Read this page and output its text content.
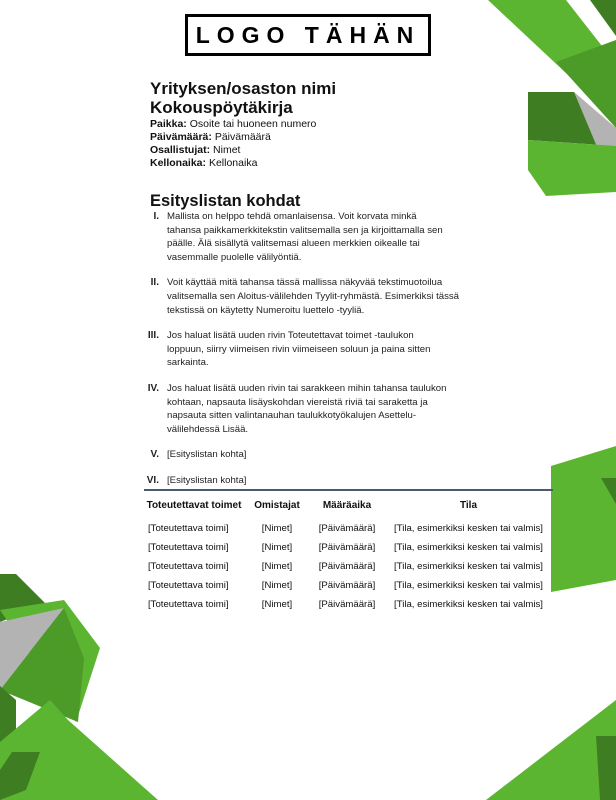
LOGO TÄHÄN

Yrityksen/osaston nimi

Kokouspöytäkirja

Paikka: Osoite tai huoneen numero
Päivämäärä: Päivämäärä
Osallistujat: Nimet
Kellonaika: Kellonaika

Esityslistan kohdat

I. Mallista on helppo tehdä omanlaisensa. Voit korvata minkä
tahansa paikkamerkkitekstin valitsemalla sen ja kirjoittamalla sen
päälle. Älä sisällytä valitsemasi alueen merkkien oikealle tai
vasemmalle puolelle välilyöntiä.
II. Voit käyttää mitä tahansa tässä mallissa näkyvää tekstimuotoilua
valitsemalla sen Aloitus-välilehden Tyylit-ryhmästä. Esimerkiksi tässä
tekstissä on käytetty Numeroitu luettelo -tyyliä.
III. Jos haluat lisätä uuden rivin Toteutettavat toimet -taulukon
loppuun, siirry viimeisen rivin viimeiseen soluun ja paina sitten
sarkainta.
IV. Jos haluat lisätä uuden rivin tai sarakkeen mihin tahansa taulukon
kohtaan, napsauta lisäyskohdan viereistä riviä tai saraketta ja
napsauta sitten valintanauhan taulukkotyökalujen Asettelu-
välilehdessä Lisää.
V. [Esityslistan kohta]
VI. [Esityslistan kohta]
Toteutettavat toimet	Omistajat	Määräaika	Tila
[Toteutettava toimi]	[Nimet]	[Päivämäärä]	[Tila, esimerkiksi kesken tai valmis]
[Toteutettava toimi]	[Nimet]	[Päivämäärä]	[Tila, esimerkiksi kesken tai valmis]
[Toteutettava toimi]	[Nimet]	[Päivämäärä]	[Tila, esimerkiksi kesken tai valmis]
[Toteutettava toimi]	[Nimet]	[Päivämäärä]	[Tila, esimerkiksi kesken tai valmis]
[Toteutettava toimi]	[Nimet]	[Päivämäärä]	[Tila, esimerkiksi kesken tai valmis]
